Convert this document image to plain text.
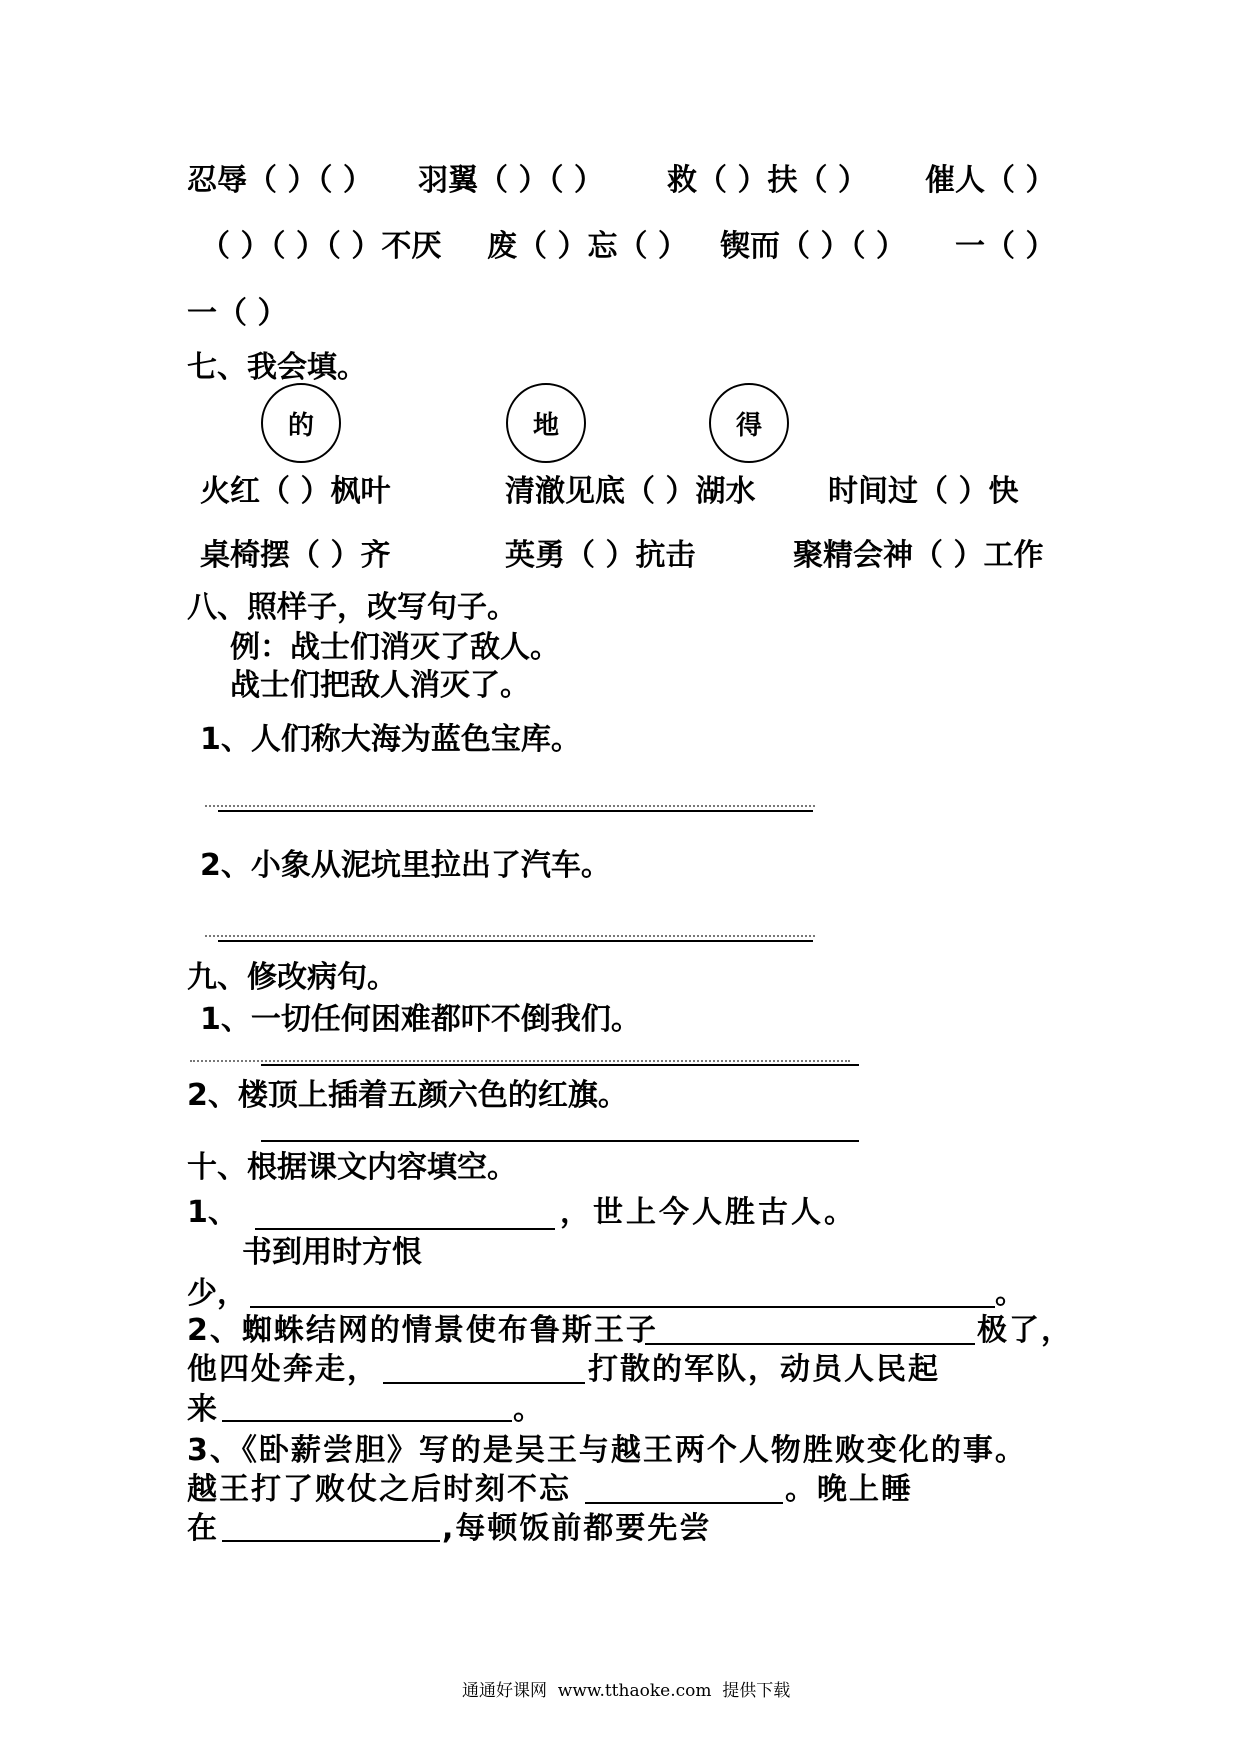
忍辱（ ）（ ） 羽翼（ ）（ ） 救（ ）扶（ ） 催人（ ）
（ ）（ ）（ ）不厌 废（ ）忘（ ） 锲而（ ）（ ） 一（ ）
一（ ）
七、我会填。
的	地	得
火红（ ）枫叶	清澈见底（ ）湖水 时间过（ ）快
桌椅摆（ ）齐	英勇（ ）抗击	聚精会神（ ）工作
八、照样子，改写句子。
例：战士们消灭了敌人。
战士们把敌人消灭了。
1、人们称大海为蓝色宝库。
2、小象从泥坑里拉出了汽车。
九、修改病句。
1、一切任何困难都吓不倒我们。
2、楼顶上插着五颜六色的红旗。
十、根据课文内容填空。
1、	，世上今人胜古人。
书到用时方恨
少，	。
2、蜘蛛结网的情景使布鲁斯王子	极了，
他四处奔走，	打散的军队，动员人民起
来	。
3、《卧薪尝胆》写的是吴王与越王两个人物胜败变化的事。
越王打了败仗之后时刻不忘	。晚上睡
在	,每顿饭前都要先尝
通通好课网  www.tthaoke.com  提供下载
